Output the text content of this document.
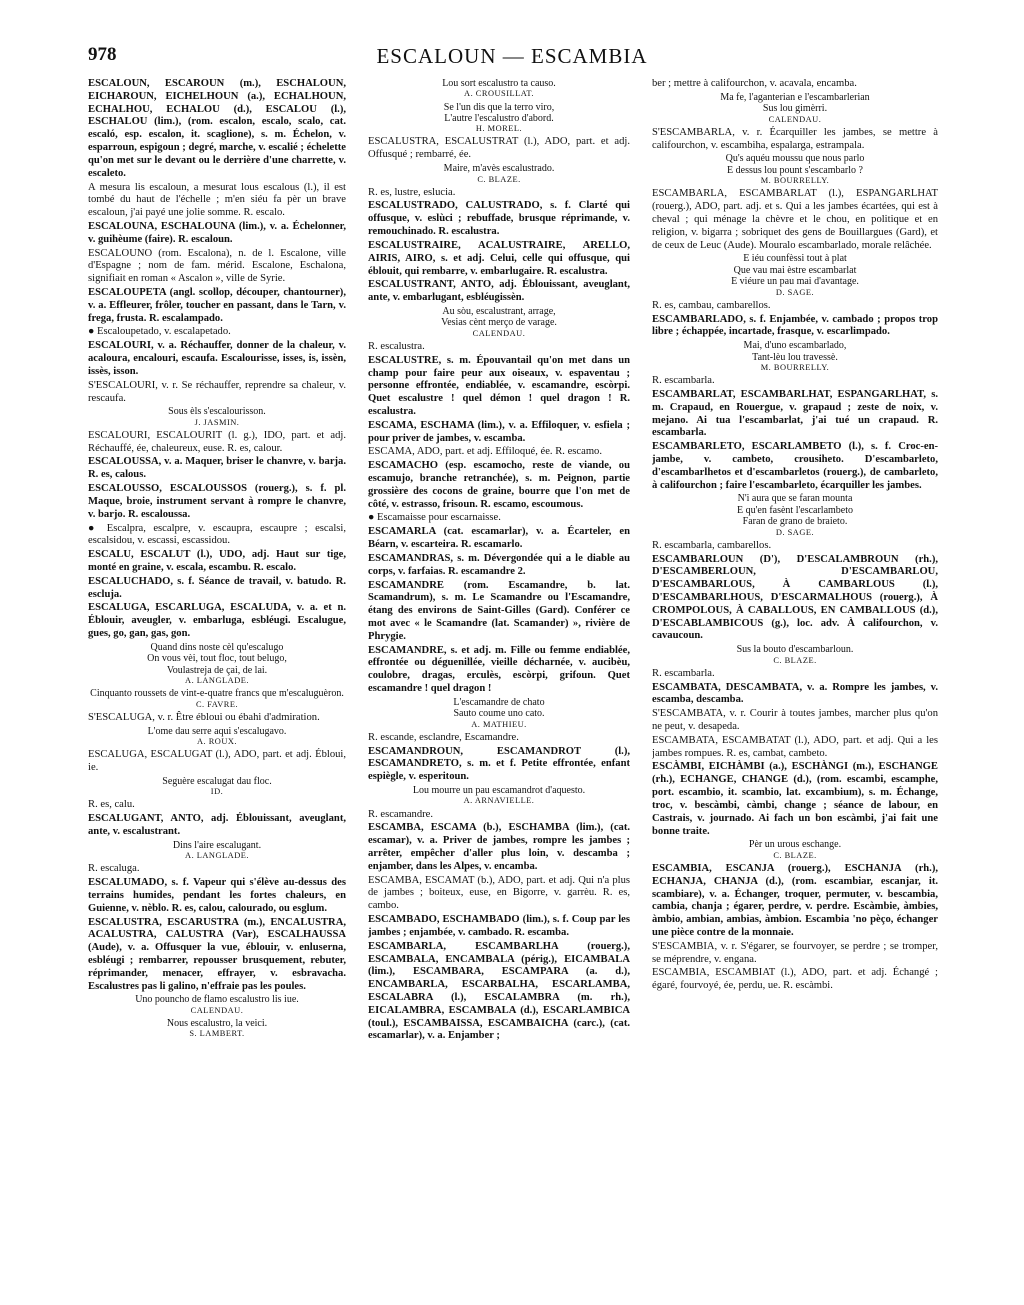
978	ESCALOUN — ESCAMBIA

ESCALOUN, ESCAROUN (m.), ESCHALOUN, EICHAROUN, EICHELHOUN (a.), ECHALHOUN, ECHALHOU, ECHALOU (d.), ESCALOU (l.), ESCHALOU (lim.), (rom. escalon, escalo, scalo, cat. escaló, esp. escalon, it. scaglione), s. m. Échelon, v. esparroun, espigoun ; degré, marche, v. escalié ; échelette qu'on met sur le devant ou le derrière d'une charrette, v. escaleto.

A mesura lis escaloun, a mesurat lous escalous (l.), il est tombé du haut de l'échelle ; m'en siéu fa pèr un brave escaloun, j'ai payé une jolie somme. R. escalo.

ESCALOUNA, ESCHALOUNA (lim.), v. a. Échelonner, v. guihèume (faire). R. escaloun.

ESCALOUNO (rom. Escalona), n. de l. Escalone, ville d'Espagne ; nom de fam. mérid. Escalone, Eschalona, signifiait en roman « Ascalon », ville de Syrie.

ESCALOUPETA (angl. scollop, découper, chantourner), v. a. Effleurer, frôler, toucher en passant, dans le Tarn, v. frega, frusta. R. escalampado.

● Escaloupetado, v. escalapetado.

ESCALOURI, v. a. Réchauffer, donner de la chaleur, v. acaloura, encalouri, escaufa. Escalourisse, isses, is, issèn, issès, isson.

S'ESCALOURI, v. r. Se réchauffer, reprendre sa chaleur, v. rescaufa.

Sous èls s'escalourisson.

J. JASMIN.

ESCALOURI, ESCALOURIT (l. g.), IDO, part. et adj. Réchauffé, ée, chaleureux, euse. R. es, calour.

ESCALOUSSA, v. a. Maquer, briser le chanvre, v. barja. R. es, calous.

ESCALOUSSO, ESCALOUSSOS (rouerg.), s. f. pl. Maque, broie, instrument servant à rompre le chanvre, v. barjo. R. escaloussa.

● Escalpra, escalpre, v. escaupra, escaupre ; escalsi, escalsidou, v. escassi, escassidou.

ESCALU, ESCALUT (l.), UDO, adj. Haut sur tige, monté en graine, v. escala, escambu. R. escalo.

ESCALUCHADO, s. f. Séance de travail, v. batudo. R. escluja.

ESCALUGA, ESCARLUGA, ESCALUDA, v. a. et n. Éblouir, aveugler, v. embarluga, esbléugi. Escalugue, gues, go, gan, gas, gon.

Quand dins noste cèl qu'escalugo

On vous vèi, tout floc, tout belugo,

Voulastreja de çai, de lai.

A. LANGLADE.

Cinquanto roussets de vint-e-quatre francs que m'escaluguèron.

C. FAVRE.

S'ESCALUGA, v. r. Être ébloui ou ébahi d'admiration.

L'ome dau serre aqui s'escalugavo.

A. ROUX.

ESCALUGA, ESCALUGAT (l.), ADO, part. et adj. Ébloui, ie.

Seguère escalugat dau floc.

ID.

R. es, calu.

ESCALUGANT, ANTO, adj. Éblouissant, aveuglant, ante, v. escalustrant.

Dins l'aire escalugant.

A. LANGLADE.

R. escaluga.

ESCALUMADO, s. f. Vapeur qui s'élève au-dessus des terrains humides, pendant les fortes chaleurs, en Guienne, v. nèblo. R. es, calou, calourado, ou esglum.

ESCALUSTRA, ESCARUSTRA (m.), ENCALUSTRA, ACALUSTRA, CALUSTRA (Var), ESCALHAUSSA (Aude), v. a. Offusquer la vue, éblouir, v. enluserna, esbléugi ; rembarrer, repousser brusquement, rebuter, réprimander, menacer, effrayer, v. esbravacha. Escalustres pas li galino, n'effraie pas les poules.

Uno pouncho de flamo escalustro lis iue.

CALENDAU.

Nous escalustro, la veici.

S. LAMBERT.

Lou sort escalustro ta causo.

A. CROUSILLAT.

Se l'un dis que la terro viro,

L'autre l'escalustro d'abord.

H. MOREL.

ESCALUSTRA, ESCALUSTRAT (l.), ADO, part. et adj. Offusqué ; rembarré, ée.

Maire, m'avès escalustrado.

C. BLAZE.

R. es, lustre, eslucia.

ESCALUSTRADO, CALUSTRADO, s. f. Clarté qui offusque, v. eslùci ; rebuffade, brusque réprimande, v. remouchinado. R. escalustra.

ESCALUSTRAIRE, ACALUSTRAIRE, ARELLO, AIRIS, AIRO, s. et adj. Celui, celle qui offusque, qui éblouit, qui rembarre, v. embarlugaire. R. escalustra.

ESCALUSTRANT, ANTO, adj. Éblouissant, aveuglant, ante, v. embarlugant, esbléugissèn.

Au sòu, escalustrant, arrage,

Vesias cènt merço de varage.

CALENDAU.

R. escalustra.

ESCALUSTRE, s. m. Épouvantail qu'on met dans un champ pour faire peur aux oiseaux, v. espaventau ; personne effrontée, endiablée, v. escamandre, escòrpi. Quet escalustre ! quel démon ! quel dragon ! R. escalustra.

ESCAMA, ESCHAMA (lim.), v. a. Effiloquer, v. esfiela ; pour priver de jambes, v. escamba.

ESCAMA, ADO, part. et adj. Effiloqué, ée. R. escamo.

ESCAMACHO (esp. escamocho, reste de viande, ou escamujo, branche retranchée), s. m. Peignon, partie grossière des cocons de graine, bourre que l'on met de côté, v. estrasso, frisoun. R. escamo, escoumous.

● Escamaisse pour escarnaisse.

ESCAMARLA (cat. escamarlar), v. a. Écarteler, en Béarn, v. escarteira. R. escamarlo.

ESCAMANDRAS, s. m. Dévergondée qui a le diable au corps, v. farfaias. R. escamandre 2.

ESCAMANDRE (rom. Escamandre, b. lat. Scamandrum), s. m. Le Scamandre ou l'Escamandre, étang des environs de Saint-Gilles (Gard). Conférer ce mot avec « le Scamandre (lat. Scamander) », rivière de Phrygie.

ESCAMANDRE, s. et adj. m. Fille ou femme endiablée, effrontée ou déguenillée, vieille décharnée, v. aucibèu, coulobre, dragas, erculès, escòrpi, grifoun. Quet escamandre ! quel dragon !

L'escamandre de chato

Sauto coume uno cato.

A. MATHIEU.

R. escande, esclandre, Escamandre.

ESCAMANDROUN, ESCAMANDROT (l.), ESCAMANDRETO, s. m. et f. Petite effrontée, enfant espiègle, v. esperitoun.

Lou mourre un pau escamandrot d'aquesto.

A. ARNAVIELLE.

R. escamandre.

ESCAMBA, ESCAMA (b.), ESCHAMBA (lim.), (cat. escamar), v. a. Priver de jambes, rompre les jambes ; arrêter, empêcher d'aller plus loin, v. descamba ; enjamber, dans les Alpes, v. encamba.

ESCAMBA, ESCAMAT (b.), ADO, part. et adj. Qui n'a plus de jambes ; boiteux, euse, en Bigorre, v. garrèu. R. es, cambo.

ESCAMBADO, ESCHAMBADO (lim.), s. f. Coup par les jambes ; enjambée, v. cambado. R. escamba.

ESCAMBARLA, ESCAMBARLHA (rouerg.), ESCAMBALA, ENCAMBALA (périg.), EICAMBALA (lim.), ESCAMBARA, ESCAMPARA (a. d.), ENCAMBARLA, ESCARBALHA, ESCARLAMBA, ESCALABRA (l.), ESCALAMBRA (m. rh.), EICALAMBRA, ESCAMBALA (d.), ESCARLAMBICA (toul.), ESCAMBAISSA, ESCAMBAICHA (carc.), (cat. escamarlar), v. a. Enjamber ;

ber ; mettre à califourchon, v. acavala, encamba.

Ma fe, l'aganterian e l'escambarlerian

Sus lou gimèrri.

CALENDAU.

S'ESCAMBARLA, v. r. Écarquiller les jambes, se mettre à califourchon, v. escambiha, espalarga, estrampala.

Qu's aquéu moussu que nous parlo

E dessus lou pount s'escambarlo ?

M. BOURRELLY.

ESCAMBARLA, ESCAMBARLAT (l.), ESPANGARLHAT (rouerg.), ADO, part. adj. et s. Qui a les jambes écartées, qui est à cheval ; qui ménage la chèvre et le chou, en politique et en religion, v. bigarra ; sobriquet des gens de Bouillargues (Gard), et de ceux de Leuc (Aude). Mouralo escambarlado, morale relâchée.

E iéu counfèssi tout à plat

Que vau mai èstre escambarlat

E viéure un pau mai d'avantage.

D. SAGE.

R. es, cambau, cambarellos.

ESCAMBARLADO, s. f. Enjambée, v. cambado ; propos trop libre ; échappée, incartade, frasque, v. escarlimpado.

Mai, d'uno escambarlado,

Tant-lèu lou travessè.

M. BOURRELLY.

R. escambarla.

ESCAMBARLAT, ESCAMBARLHAT, ESPANGARLHAT, s. m. Crapaud, en Rouergue, v. grapaud ; zeste de noix, v. mejano. Ai tua l'escambarlat, j'ai tué un crapaud. R. escambarla.

ESCAMBARLETO, ESCARLAMBETO (l.), s. f. Croc-en-jambe, v. cambeto, crousiheto. D'escambarleto, d'escambarlhetos et d'escambarletos (rouerg.), de cambarleto, à califourchon ; faire l'escambarleto, écarquiller les jambes.

N'i aura que se faran mounta

E qu'en fasènt l'escarlambeto

Faran de grano de braieto.

D. SAGE.

R. escambarla, cambarellos.

ESCAMBARLOUN (D'), D'ESCALAMBROUN (rh.), D'ESCAMBERLOUN, D'ESCAMBARLOU, D'ESCAMBARLOUS, À CAMBARLOUS (l.), D'ESCAMBARLHOUS, D'ESCARMALHOUS (rouerg.), À CROMPOLOUS, À CABALLOUS, EN CAMBALLOUS (d.), D'ESCABLAMBICOUS (g.), loc. adv. À califourchon, v. cavaucoun.

Sus la bouto d'escambarloun.

C. BLAZE.

R. escambarla.

ESCAMBATA, DESCAMBATA, v. a. Rompre les jambes, v. escamba, descamba.

S'ESCAMBATA, v. r. Courir à toutes jambes, marcher plus qu'on ne peut, v. desapeda.

ESCAMBATA, ESCAMBATAT (l.), ADO, part. et adj. Qui a les jambes rompues. R. es, cambat, cambeto.

ESCÀMBI, EICHÀMBI (a.), ESCHÀNGI (m.), ESCHANGE (rh.), ECHANGE, CHANGE (d.), (rom. escambi, escamphe, port. escambio, it. scambio, lat. excambium), s. m. Échange, troc, v. bescàmbi, càmbi, change ; séance de labour, en Castrais, v. journado. Ai fach un bon escàmbi, j'ai fait une bonne traite.

Pèr un urous eschange.

C. BLAZE.

ESCAMBIA, ESCANJA (rouerg.), ESCHANJA (rh.), ECHANJA, CHANJA (d.), (rom. escambiar, escanjar, it. scambiare), v. a. Échanger, troquer, permuter, v. bescambia, cambia, chanja ; égarer, perdre, v. perdre. Escàmbie, àmbies, àmbio, ambian, ambias, àmbion. Escambia 'no pèço, échanger une pièce contre de la monnaie.

S'ESCAMBIA, v. r. S'égarer, se fourvoyer, se perdre ; se tromper, se méprendre, v. engana.

ESCAMBIA, ESCAMBIAT (l.), ADO, part. et adj. Échangé ; égaré, fourvoyé, ée, perdu, ue. R. escàmbi.
